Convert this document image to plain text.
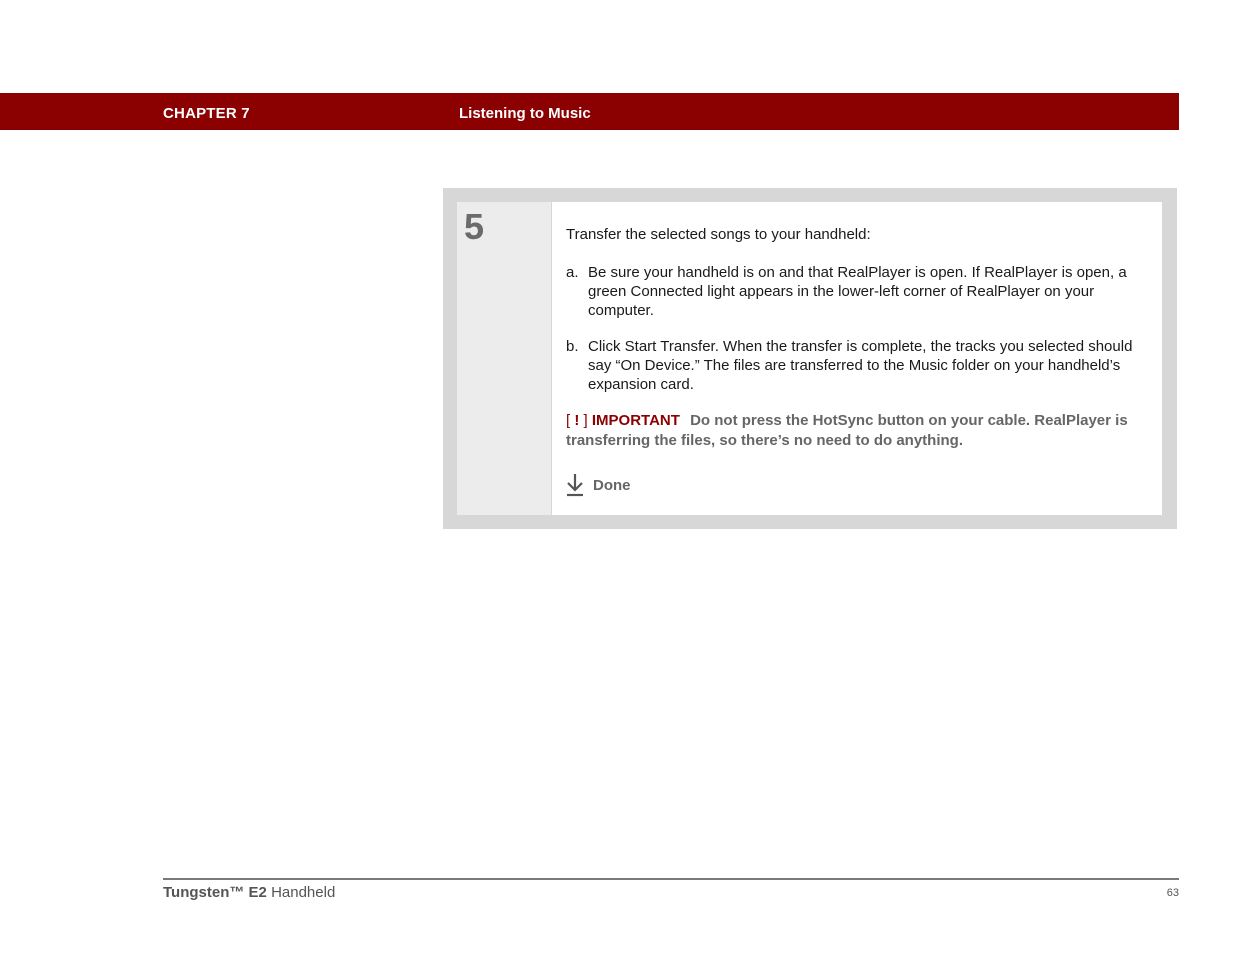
CHAPTER 7	Listening to Music
5	Transfer the selected songs to your handheld:
a. Be sure your handheld is on and that RealPlayer is open. If RealPlayer is open, a green Connected light appears in the lower-left corner of RealPlayer on your computer.
b. Click Start Transfer. When the transfer is complete, the tracks you selected should say “On Device.” The files are transferred to the Music folder on your handheld’s expansion card.
[ ! ] IMPORTANT Do not press the HotSync button on your cable. RealPlayer is transferring the files, so there’s no need to do anything.
Done
Tungsten™ E2 Handheld	63
